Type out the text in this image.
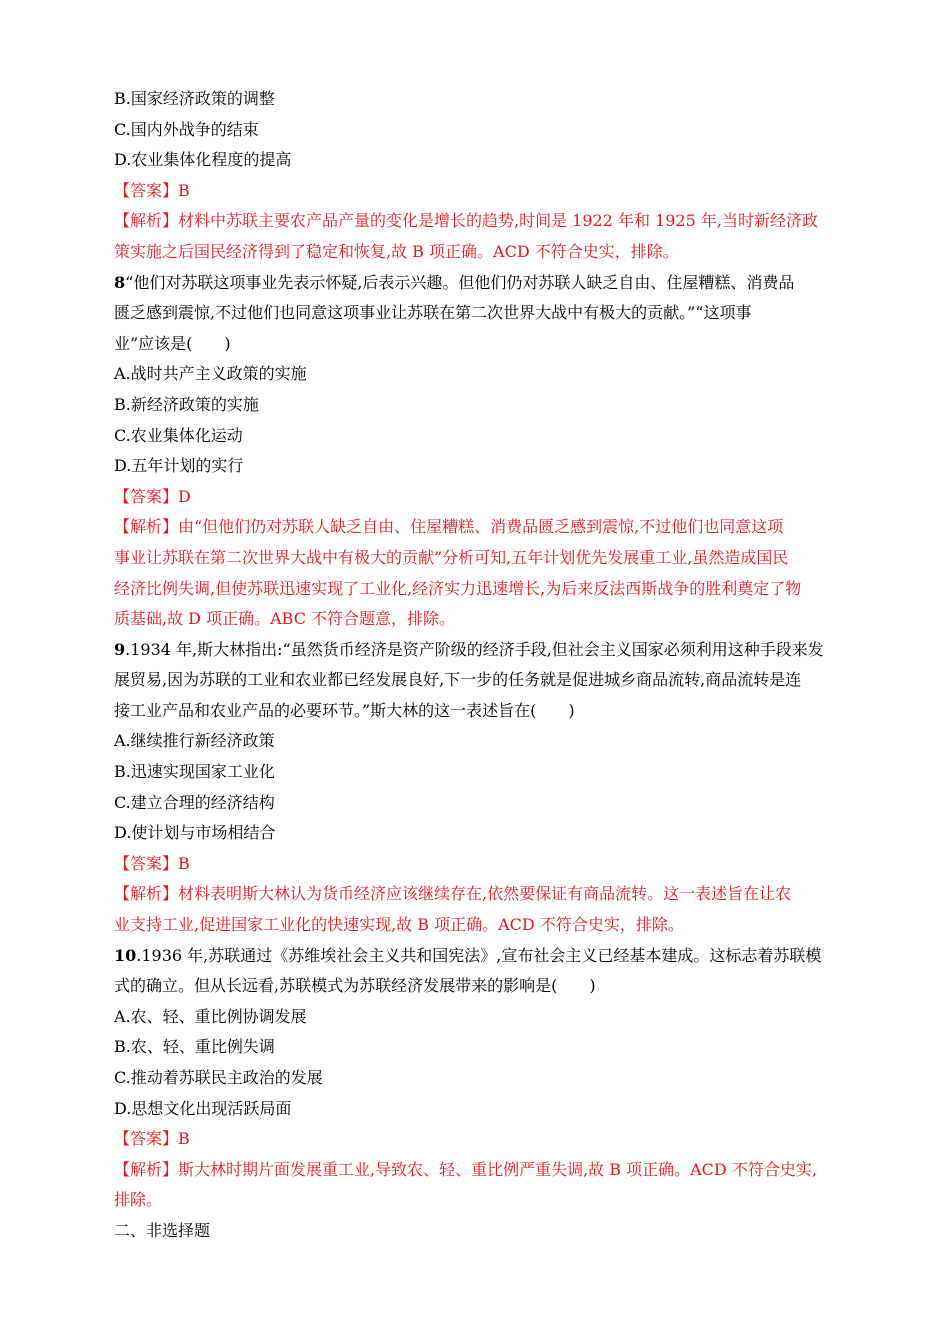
B.国家经济政策的调整
C.国内外战争的结束
D.农业集体化程度的提高
【答案】B
【解析】材料中苏联主要农产品产量的变化是增长的趋势,时间是 1922 年和 1925 年,当时新经济政
策实施之后国民经济得到了稳定和恢复,故 B 项正确。ACD 不符合史实，排除。
8“他们对苏联这项事业先表示怀疑,后表示兴趣。但他们仍对苏联人缺乏自由、住屋糟糕、消费品
匮乏感到震惊,不过他们也同意这项事业让苏联在第二次世界大战中有极大的贡献。”“这项事
业”应该是(　　)
A.战时共产主义政策的实施
B.新经济政策的实施
C.农业集体化运动
D.五年计划的实行
【答案】D
【解析】由“但他们仍对苏联人缺乏自由、住屋糟糕、消费品匮乏感到震惊,不过他们也同意这项
事业让苏联在第二次世界大战中有极大的贡献”分析可知,五年计划优先发展重工业,虽然造成国民
经济比例失调,但使苏联迅速实现了工业化,经济实力迅速增长,为后来反法西斯战争的胜利奠定了物
质基础,故 D 项正确。ABC 不符合题意，排除。
9.1934 年,斯大林指出:“虽然货币经济是资产阶级的经济手段,但社会主义国家必须利用这种手段来发
展贸易,因为苏联的工业和农业都已经发展良好,下一步的任务就是促进城乡商品流转,商品流转是连
接工业产品和农业产品的必要环节。”斯大林的这一表述旨在(　　)
A.继续推行新经济政策
B.迅速实现国家工业化
C.建立合理的经济结构
D.使计划与市场相结合
【答案】B
【解析】材料表明斯大林认为货币经济应该继续存在,依然要保证有商品流转。这一表述旨在让农
业支持工业,促进国家工业化的快速实现,故 B 项正确。ACD 不符合史实，排除。
10.1936 年,苏联通过《苏维埃社会主义共和国宪法》,宣布社会主义已经基本建成。这标志着苏联模
式的确立。但从长远看,苏联模式为苏联经济发展带来的影响是(　　)
A.农、轻、重比例协调发展
B.农、轻、重比例失调
C.推动着苏联民主政治的发展
D.思想文化出现活跃局面
【答案】B
【解析】斯大林时期片面发展重工业,导致农、轻、重比例严重失调,故 B 项正确。ACD 不符合史实,
排除。
二、非选择题
